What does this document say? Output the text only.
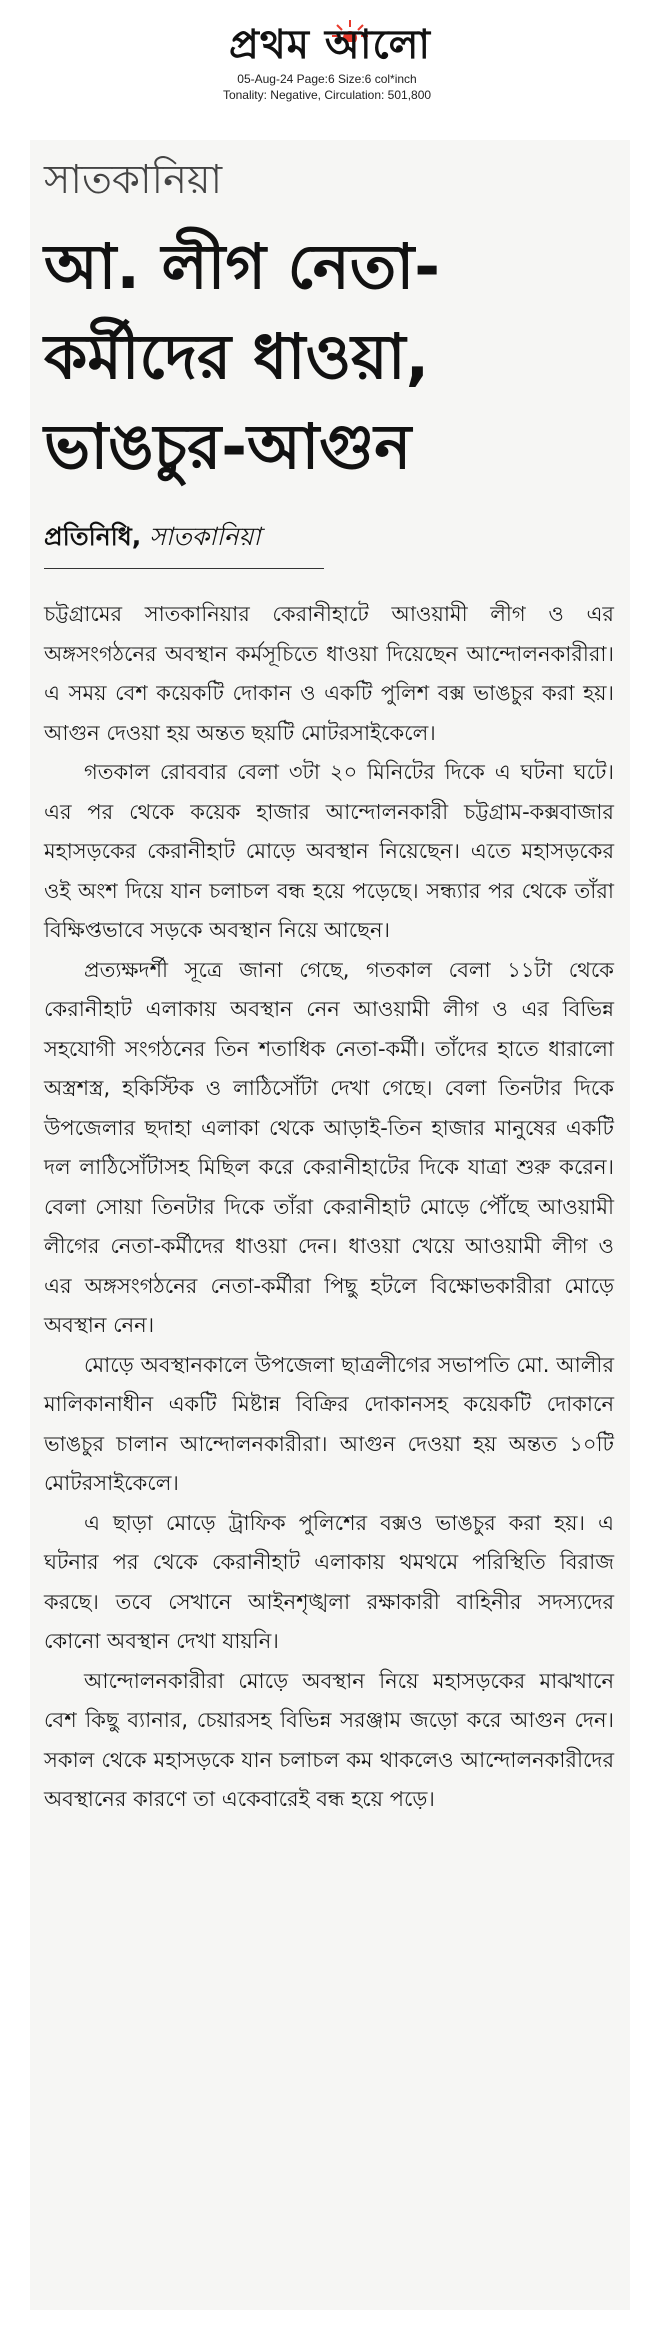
প্রথম আলো
05-Aug-24 Page:6 Size:6 col*inch
Tonality: Negative, Circulation: 501,800
সাতকানিয়া
আ. লীগ নেতা-
কর্মীদের ধাওয়া,
ভাঙচুর-আগুন
প্রতিনিধি, সাতকানিয়া

চট্টগ্রামের সাতকানিয়ার কেরানীহাটে আওয়ামী লীগ ও এর অঙ্গসংগঠনের অবস্থান কর্মসূচিতে ধাওয়া দিয়েছেন আন্দোলনকারীরা। এ সময় বেশ কয়েকটি দোকান ও একটি পুলিশ বক্স ভাঙচুর করা হয়। আগুন দেওয়া হয় অন্তত ছয়টি মোটরসাইকেলে।

গতকাল রোববার বেলা ৩টা ২০ মিনিটের দিকে এ ঘটনা ঘটে। এর পর থেকে কয়েক হাজার আন্দোলনকারী চট্টগ্রাম-কক্সবাজার মহাসড়কের কেরানীহাট মোড়ে অবস্থান নিয়েছেন। এতে মহাসড়কের ওই অংশ দিয়ে যান চলাচল বন্ধ হয়ে পড়েছে। সন্ধ্যার পর থেকে তাঁরা বিক্ষিপ্তভাবে সড়কে অবস্থান নিয়ে আছেন।

প্রত্যক্ষদর্শী সূত্রে জানা গেছে, গতকাল বেলা ১১টা থেকে কেরানীহাট এলাকায় অবস্থান নেন আওয়ামী লীগ ও এর বিভিন্ন সহযোগী সংগঠনের তিন শতাধিক নেতা-কর্মী। তাঁদের হাতে ধারালো অস্ত্রশস্ত্র, হকিস্টিক ও লাঠিসোঁটা দেখা গেছে। বেলা তিনটার দিকে উপজেলার ছদাহা এলাকা থেকে আড়াই-তিন হাজার মানুষের একটি দল লাঠিসোঁটাসহ মিছিল করে কেরানীহাটের দিকে যাত্রা শুরু করেন। বেলা সোয়া তিনটার দিকে তাঁরা কেরানীহাট মোড়ে পৌঁছে আওয়ামী লীগের নেতা-কর্মীদের ধাওয়া দেন। ধাওয়া খেয়ে আওয়ামী লীগ ও এর অঙ্গসংগঠনের নেতা-কর্মীরা পিছু হটলে বিক্ষোভকারীরা মোড়ে অবস্থান নেন।

মোড়ে অবস্থানকালে উপজেলা ছাত্রলীগের সভাপতি মো. আলীর মালিকানাধীন একটি মিষ্টান্ন বিক্রির দোকানসহ কয়েকটি দোকানে ভাঙচুর চালান আন্দোলনকারীরা। আগুন দেওয়া হয় অন্তত ১০টি মোটরসাইকেলে।

এ ছাড়া মোড়ে ট্রাফিক পুলিশের বক্সও ভাঙচুর করা হয়। এ ঘটনার পর থেকে কেরানীহাট এলাকায় থমথমে পরিস্থিতি বিরাজ করছে। তবে সেখানে আইনশৃঙ্খলা রক্ষাকারী বাহিনীর সদস্যদের কোনো অবস্থান দেখা যায়নি।

আন্দোলনকারীরা মোড়ে অবস্থান নিয়ে মহাসড়কের মাঝখানে বেশ কিছু ব্যানার, চেয়ারসহ বিভিন্ন সরঞ্জাম জড়ো করে আগুন দেন। সকাল থেকে মহাসড়কে যান চলাচল কম থাকলেও আন্দোলনকারীদের অবস্থানের কারণে তা একেবারেই বন্ধ হয়ে পড়ে।
